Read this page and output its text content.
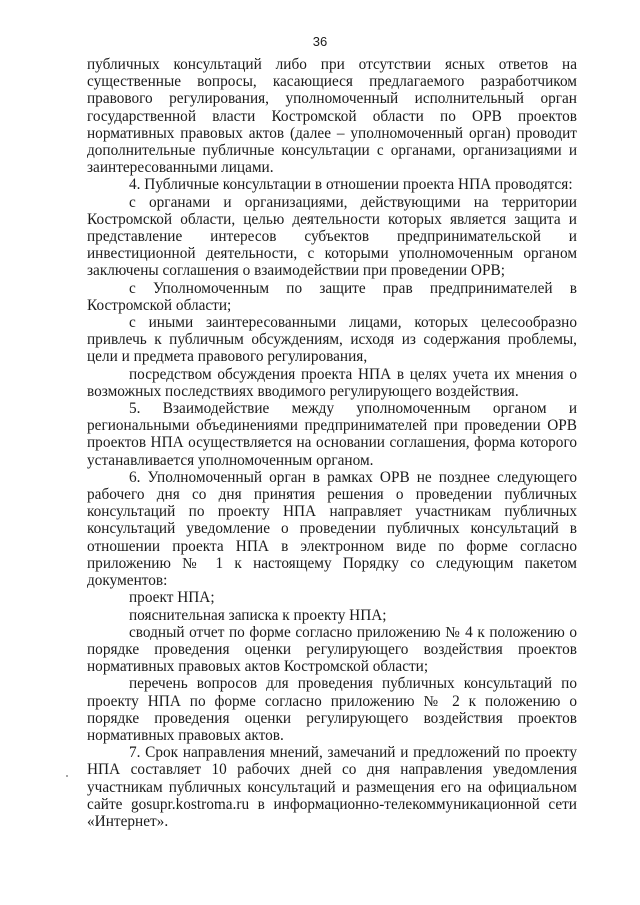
36

публичных консультаций либо при отсутствии ясных ответов на существенные вопросы, касающиеся предлагаемого разработчиком правового регулирования, уполномоченный исполнительный орган государственной власти Костромской области по ОРВ проектов нормативных правовых актов (далее – уполномоченный орган) проводит дополнительные публичные консультации с органами, организациями и заинтересованными лицами.

4. Публичные консультации в отношении проекта НПА проводятся:

с органами и организациями, действующими на территории Костромской области, целью деятельности которых является защита и представление интересов субъектов предпринимательской и инвестиционной деятельности, с которыми уполномоченным органом заключены соглашения о взаимодействии при проведении ОРВ;

с Уполномоченным по защите прав предпринимателей в Костромской области;

с иными заинтересованными лицами, которых целесообразно привлечь к публичным обсуждениям, исходя из содержания проблемы, цели и предмета правового регулирования,

посредством обсуждения проекта НПА в целях учета их мнения о возможных последствиях вводимого регулирующего воздействия.

5. Взаимодействие между уполномоченным органом и региональными объединениями предпринимателей при проведении ОРВ проектов НПА осуществляется на основании соглашения, форма которого устанавливается уполномоченным органом.

6. Уполномоченный орган в рамках ОРВ не позднее следующего рабочего дня со дня принятия решения о проведении публичных консультаций по проекту НПА направляет участникам публичных консультаций уведомление о проведении публичных консультаций в отношении проекта НПА в электронном виде по форме согласно приложению № 1 к настоящему Порядку со следующим пакетом документов:

проект НПА;

пояснительная записка к проекту НПА;

сводный отчет по форме согласно приложению № 4 к положению о порядке проведения оценки регулирующего воздействия проектов нормативных правовых актов Костромской области;

перечень вопросов для проведения публичных консультаций по проекту НПА по форме согласно приложению № 2 к положению о порядке проведения оценки регулирующего воздействия проектов нормативных правовых актов.

7. Срок направления мнений, замечаний и предложений по проекту НПА составляет 10 рабочих дней со дня направления уведомления участникам публичных консультаций и размещения его на официальном сайте gosupr.kostroma.ru в информационно-телекоммуникационной сети «Интернет».
